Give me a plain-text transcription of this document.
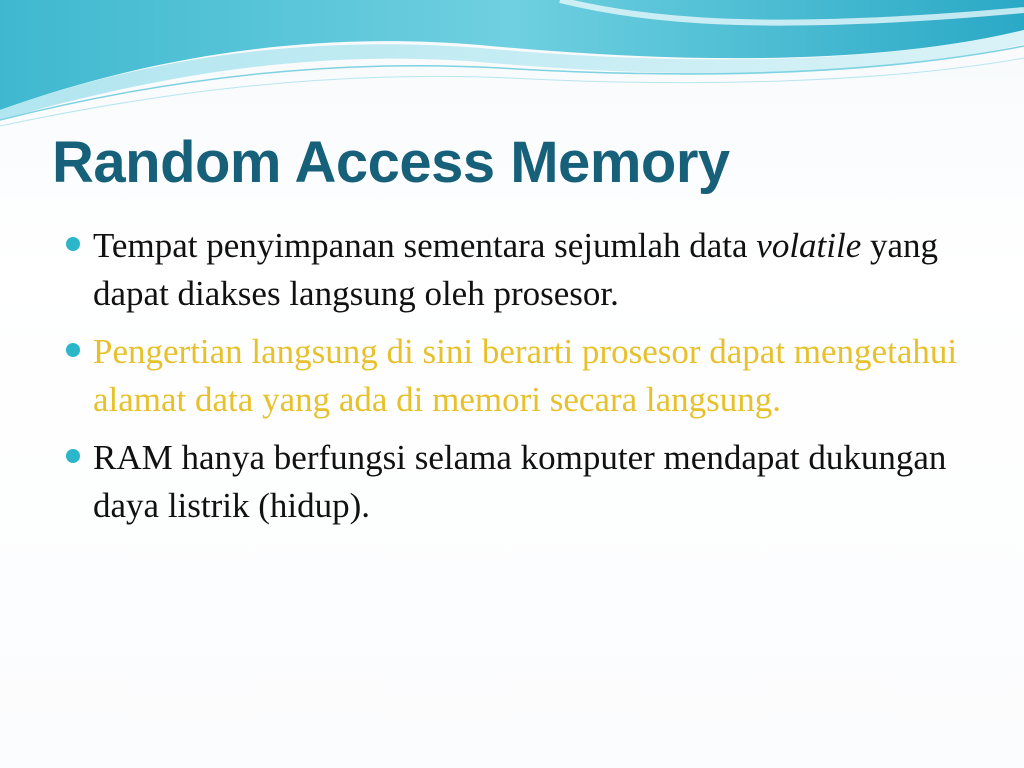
Random Access Memory
Tempat penyimpanan sementara sejumlah data volatile yang dapat diakses langsung oleh prosesor.
Pengertian langsung di sini berarti prosesor dapat mengetahui alamat data yang ada di memori secara langsung.
RAM hanya berfungsi selama komputer mendapat dukungan daya listrik (hidup).
